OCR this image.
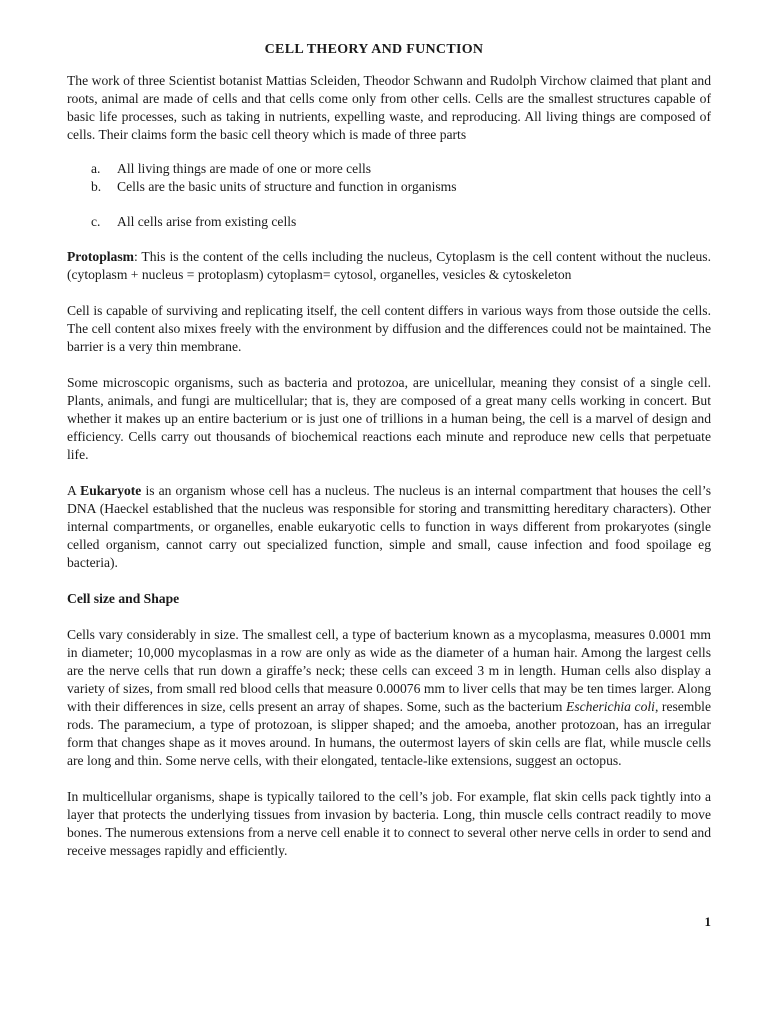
CELL THEORY AND FUNCTION

The work of three Scientist botanist Mattias Scleiden, Theodor Schwann and Rudolph Virchow claimed that plant and roots, animal are made of cells and that cells come only from other cells. Cells are the smallest structures capable of basic life processes, such as taking in nutrients, expelling waste, and reproducing. All living things are composed of cells. Their claims form the basic cell theory which is made of three parts

a.	All living things are made of one or more cells
b.	Cells are the basic units of structure and function in organisms
c.	All cells arise from existing cells

Protoplasm: This is the content of the cells including the nucleus, Cytoplasm is the cell content without the nucleus. (cytoplasm + nucleus = protoplasm) cytoplasm= cytosol, organelles, vesicles & cytoskeleton

Cell is capable of surviving and replicating itself, the cell content differs in various ways from those outside the cells. The cell content also mixes freely with the environment by diffusion and the differences could not be maintained. The barrier is a very thin membrane.

Some microscopic organisms, such as bacteria and protozoa, are unicellular, meaning they consist of a single cell. Plants, animals, and fungi are multicellular; that is, they are composed of a great many cells working in concert. But whether it makes up an entire bacterium or is just one of trillions in a human being, the cell is a marvel of design and efficiency. Cells carry out thousands of biochemical reactions each minute and reproduce new cells that perpetuate life.

A Eukaryote is an organism whose cell has a nucleus. The nucleus is an internal compartment that houses the cell’s DNA (Haeckel established that the nucleus was responsible for storing and transmitting hereditary characters). Other internal compartments, or organelles, enable eukaryotic cells to function in ways different from prokaryotes (single celled organism, cannot carry out specialized function, simple and small, cause infection and food spoilage eg bacteria).

Cell size and Shape

Cells vary considerably in size. The smallest cell, a type of bacterium known as a mycoplasma, measures 0.0001 mm in diameter; 10,000 mycoplasmas in a row are only as wide as the diameter of a human hair. Among the largest cells are the nerve cells that run down a giraffe’s neck; these cells can exceed 3 m in length. Human cells also display a variety of sizes, from small red blood cells that measure 0.00076 mm to liver cells that may be ten times larger. Along with their differences in size, cells present an array of shapes. Some, such as the bacterium Escherichia coli, resemble rods. The paramecium, a type of protozoan, is slipper shaped; and the amoeba, another protozoan, has an irregular form that changes shape as it moves around. In humans, the outermost layers of skin cells are flat, while muscle cells are long and thin. Some nerve cells, with their elongated, tentacle-like extensions, suggest an octopus.

In multicellular organisms, shape is typically tailored to the cell’s job. For example, flat skin cells pack tightly into a layer that protects the underlying tissues from invasion by bacteria. Long, thin muscle cells contract readily to move bones. The numerous extensions from a nerve cell enable it to connect to several other nerve cells in order to send and receive messages rapidly and efficiently.

1
